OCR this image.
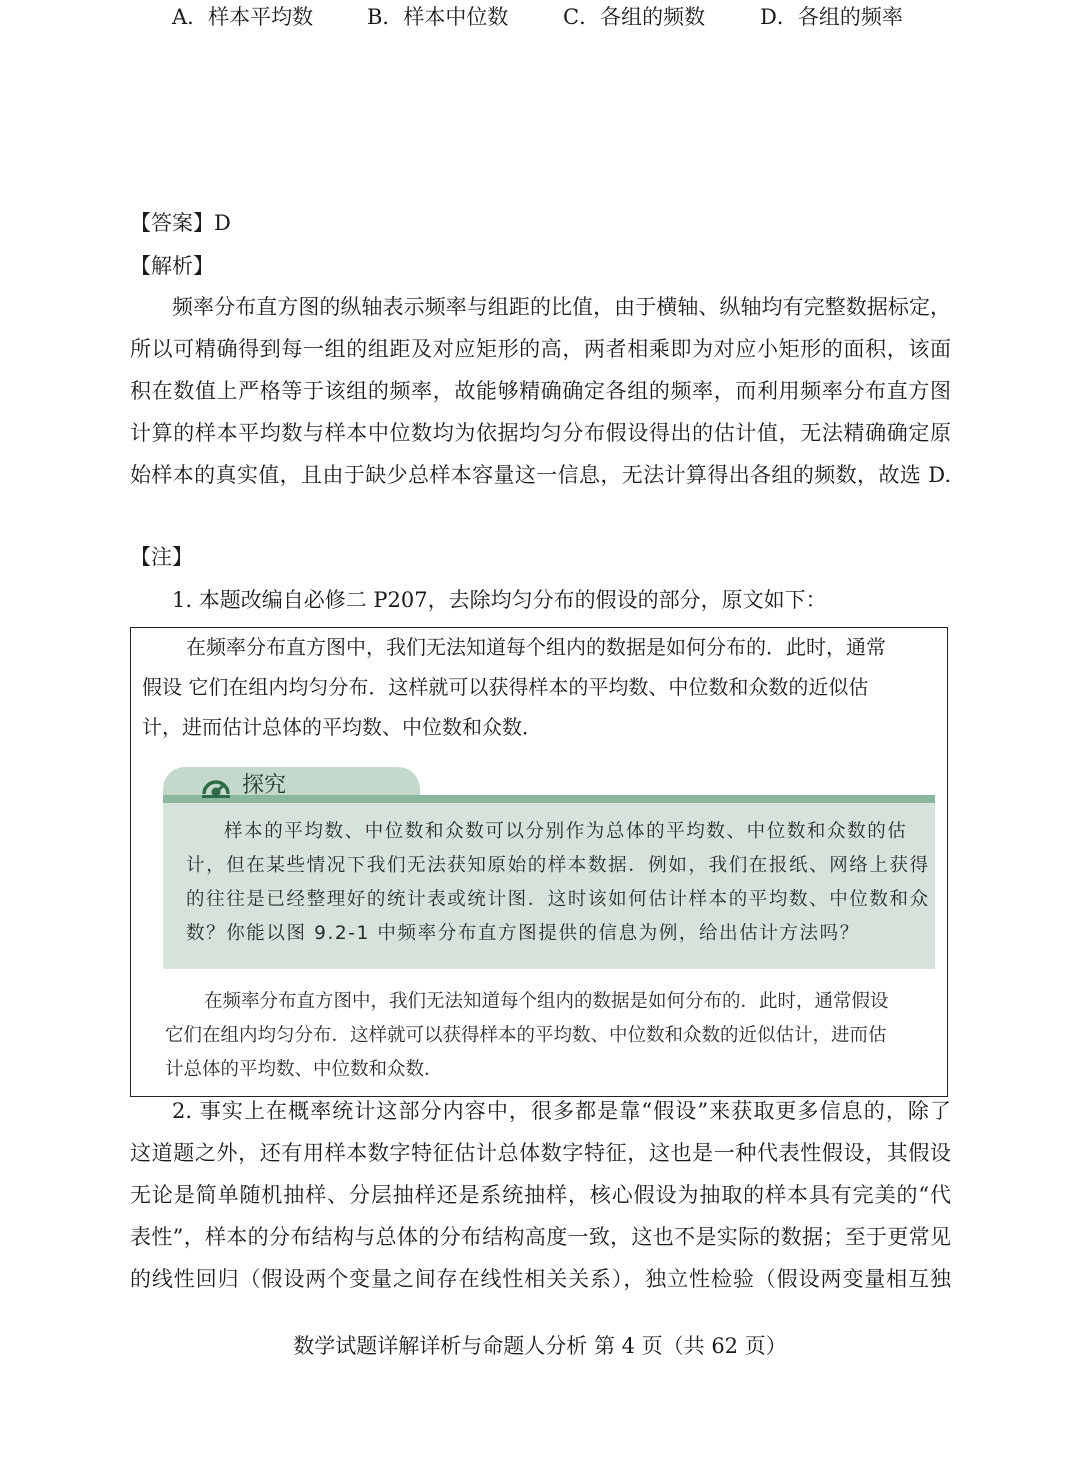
A．样本平均数	B．样本中位数	C．各组的频数	D．各组的频率
【答案】D
【解析】
频率分布直方图的纵轴表示频率与组距的比值，由于横轴、纵轴均有完整数据标定，
所以可精确得到每一组的组距及对应矩形的高，两者相乘即为对应小矩形的面积，该面
积在数值上严格等于该组的频率，故能够精确确定各组的频率，而利用频率分布直方图
计算的样本平均数与样本中位数均为依据均匀分布假设得出的估计值，无法精确确定原
始样本的真实值，且由于缺少总样本容量这一信息，无法计算得出各组的频数，故选 D.
【注】
1. 本题改编自必修二 P207，去除均匀分布的假设的部分，原文如下：
在频率分布直方图中，我们无法知道每个组内的数据是如何分布的．此时，通常
假设 它们在组内均匀分布．这样就可以获得样本的平均数、中位数和众数的近似估
计，进而估计总体的平均数、中位数和众数．
探究
样本的平均数、中位数和众数可以分别作为总体的平均数、中位数和众数的估
计，但在某些情况下我们无法获知原始的样本数据．例如，我们在报纸、网络上获得
的往往是已经整理好的统计表或统计图．这时该如何估计样本的平均数、中位数和众
数？你能以图 9.2-1 中频率分布直方图提供的信息为例，给出估计方法吗？
在频率分布直方图中，我们无法知道每个组内的数据是如何分布的．此时，通常假设
它们在组内均匀分布．这样就可以获得样本的平均数、中位数和众数的近似估计，进而估
计总体的平均数、中位数和众数．
2. 事实上在概率统计这部分内容中，很多都是靠“假设”来获取更多信息的，除了
这道题之外，还有用样本数字特征估计总体数字特征，这也是一种代表性假设，其假设
无论是简单随机抽样、分层抽样还是系统抽样，核心假设为抽取的样本具有完美的“代
表性”，样本的分布结构与总体的分布结构高度一致，这也不是实际的数据；至于更常见
的线性回归（假设两个变量之间存在线性相关关系），独立性检验（假设两变量相互独
数学试题详解详析与命题人分析 第 4 页（共 62 页）
